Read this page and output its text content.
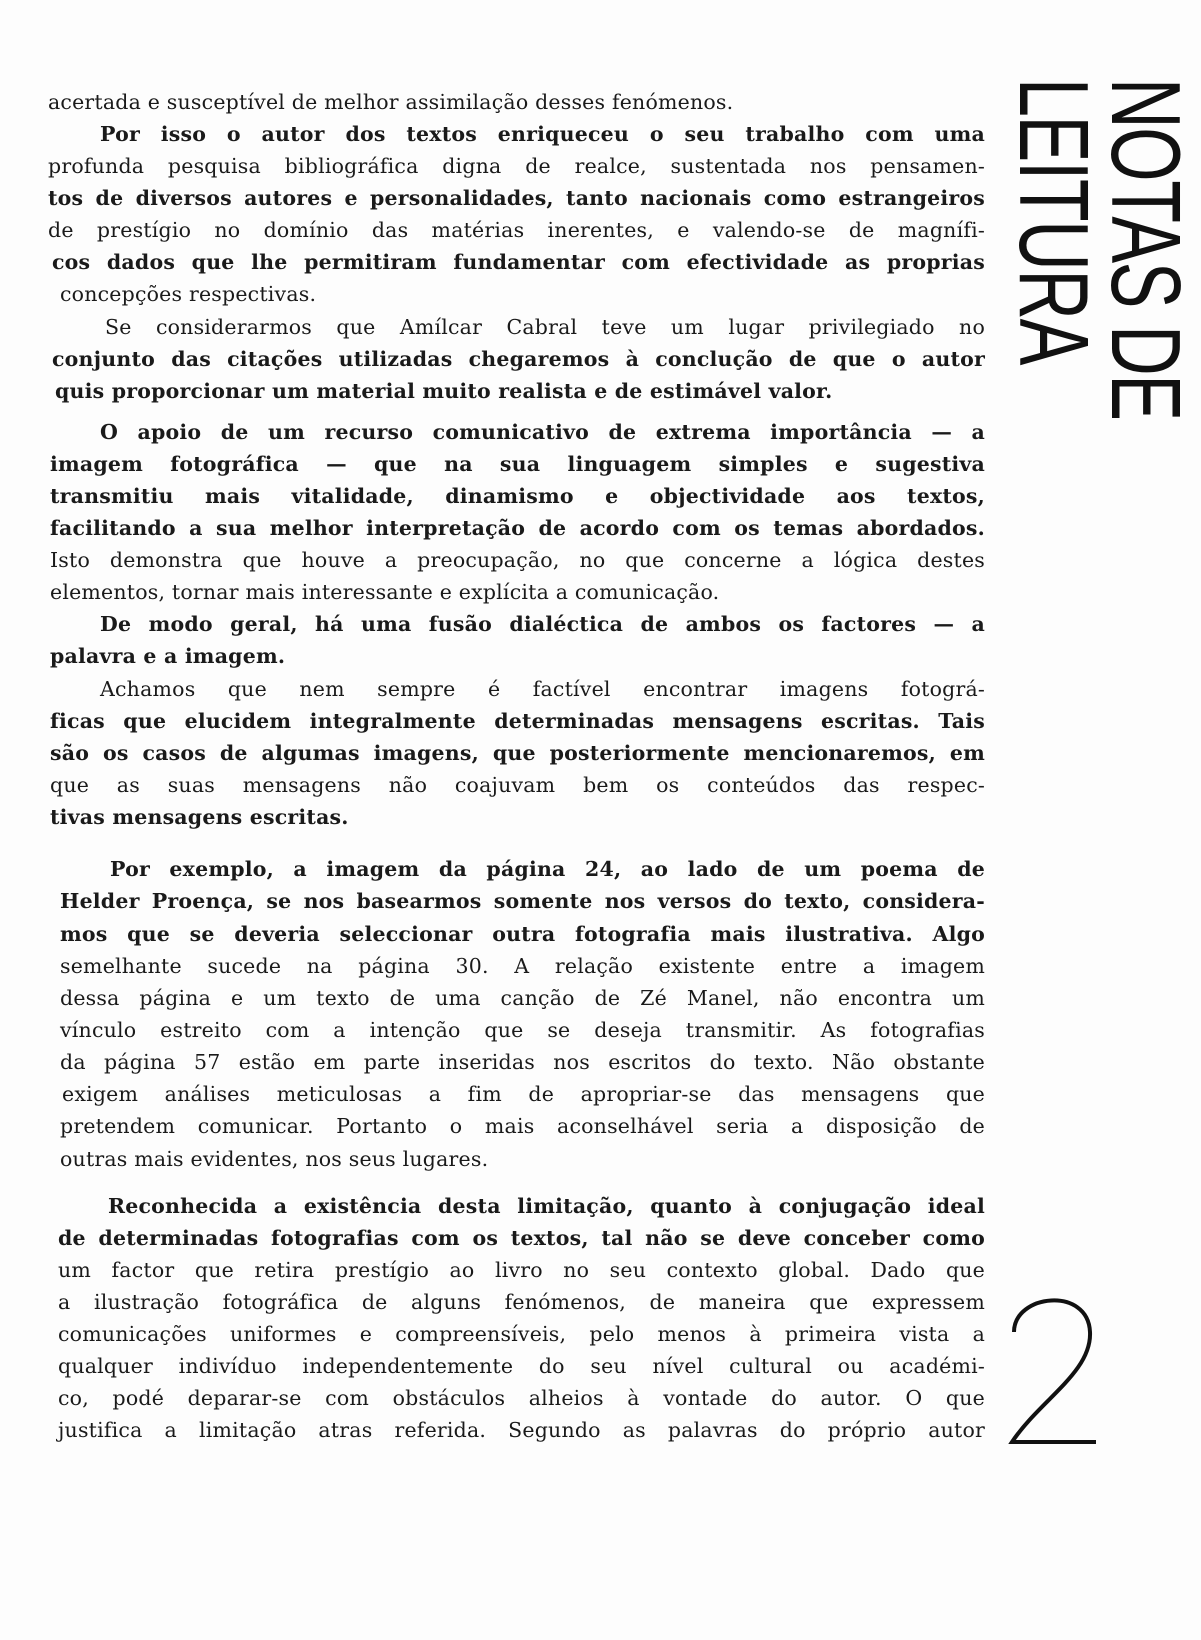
acertada e susceptível de melhor assimilação desses fenómenos.
Por isso o autor dos textos enriqueceu o seu trabalho com uma
profunda pesquisa bibliográfica digna de realce, sustentada nos pensamen-
tos de diversos autores e personalidades, tanto nacionais como estrangeiros
de prestígio no domínio das matérias inerentes, e valendo-se de magnífi-
cos dados que lhe permitiram fundamentar com efectividade as proprias
concepções respectivas.
Se considerarmos que Amílcar Cabral teve um lugar privilegiado no
conjunto das citações utilizadas chegaremos à conclução de que o autor
quis proporcionar um material muito realista e de estimável valor.
O apoio de um recurso comunicativo de extrema importância — a
imagem fotográfica — que na sua linguagem simples e sugestiva
transmitiu mais vitalidade, dinamismo e objectividade aos textos,
facilitando a sua melhor interpretação de acordo com os temas abordados.
Isto demonstra que houve a preocupação, no que concerne a lógica destes
elementos, tornar mais interessante e explícita a comunicação.
De modo geral, há uma fusão dialéctica de ambos os factores — a
palavra e a imagem.
Achamos que nem sempre é factível encontrar imagens fotográ-
ficas que elucidem integralmente determinadas mensagens escritas. Tais
são os casos de algumas imagens, que posteriormente mencionaremos, em
que as suas mensagens não coajuvam bem os conteúdos das respec-
tivas mensagens escritas.
Por exemplo, a imagem da página 24, ao lado de um poema de
Helder Proença, se nos basearmos somente nos versos do texto, considera-
mos que se deveria seleccionar outra fotografia mais ilustrativa. Algo
semelhante sucede na página 30. A relação existente entre a imagem
dessa página e um texto de uma canção de Zé Manel, não encontra um
vínculo estreito com a intenção que se deseja transmitir. As fotografias
da página 57 estão em parte inseridas nos escritos do texto. Não obstante
exigem análises meticulosas a fim de apropriar-se das mensagens que
pretendem comunicar. Portanto o mais aconselhável seria a disposição de
outras mais evidentes, nos seus lugares.
Reconhecida a existência desta limitação, quanto à conjugação ideal
de determinadas fotografias com os textos, tal não se deve conceber como
um factor que retira prestígio ao livro no seu contexto global. Dado que
a ilustração fotográfica de alguns fenómenos, de maneira que expressem
comunicações uniformes e compreensíveis, pelo menos à primeira vista a
qualquer indivíduo independentemente do seu nível cultural ou académi-
co, podé deparar-se com obstáculos alheios à vontade do autor. O que
justifica a limitação atras referida. Segundo as palavras do próprio autor
NOTAS DE LEITURA
